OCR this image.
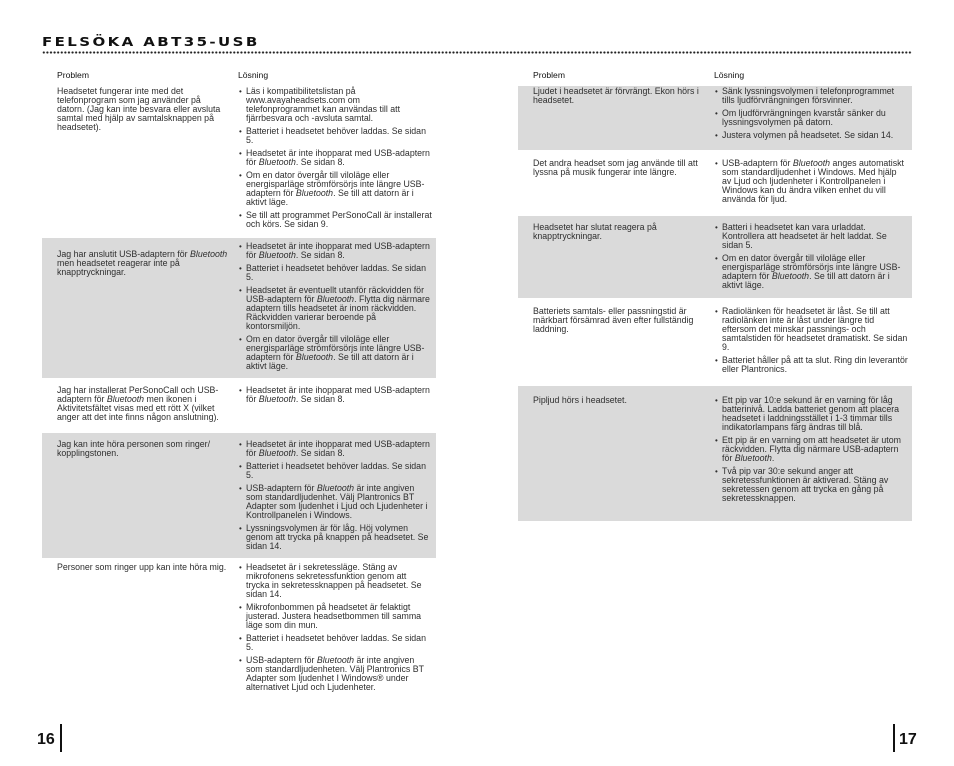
FELSÖKA ABT35-USB
Problem	Lösning
Headsetet fungerar inte med det telefonprogram som jag använder på datorn. (Jag kan inte besvara eller avsluta samtal med hjälp av samtalsknappen på headsetet).
• Läs i kompatibilitetslistan på www.avayaheadsets.com om telefonprogrammet kan användas till att fjärrbesvara och -avsluta samtal.
• Batteriet i headsetet behöver laddas. Se sidan 5.
• Headsetet är inte ihopparat med USB-adaptern för Bluetooth. Se sidan 8.
• Om en dator övergår till viloläge eller energisparläge strömförsörjs inte längre USB-adaptern för Bluetooth. Se till att datorn är i aktivt läge.
• Se till att programmet PerSonoCall är installerat och körs. Se sidan 9.
Jag har anslutit USB-adaptern för Bluetooth men headsetet reagerar inte på knapptryckningar.
• Headsetet är inte ihopparat med USB-adaptern för Bluetooth. Se sidan 8.
• Batteriet i headsetet behöver laddas. Se sidan 5.
• Headsetet är eventuellt utanför räckvidden för USB-adaptern för Bluetooth. Flytta dig närmare adaptern tills headsetet är inom räckvidden. Räckvidden varierar beroende på kontorsmiljön.
• Om en dator övergår till viloläge eller energisparläge strömförsörjs inte längre USB-adaptern för Bluetooth. Se till att datorn är i aktivt läge.
Jag har installerat PerSonoCall och USB-adaptern för Bluetooth men ikonen i Aktivitetsfältet visas med ett rött X (vilket anger att det inte finns någon anslutning).
• Headsetet är inte ihopparat med USB-adaptern för Bluetooth. Se sidan 8.
Jag kan inte höra personen som ringer/ kopplingstonen.
• Headsetet är inte ihopparat med USB-adaptern för Bluetooth. Se sidan 8.
• Batteriet i headsetet behöver laddas. Se sidan 5.
• USB-adaptern för Bluetooth är inte angiven som standardljudenhet. Välj Plantronics BT Adapter som ljudenhet i Ljud och Ljudenheter i Kontrollpanelen i Windows.
• Lyssningsvolymen är för låg. Höj volymen genom att trycka på knappen på headsetet. Se sidan 14.
Personer som ringer upp kan inte höra mig.	• Headsetet är i sekretessläge. Stäng av mikrofonens sekretessfunktion genom att trycka in sekretessknappen på headsetet. Se sidan 14.
• Mikrofonbommen på headsetet är felaktigt justerad. Justera headsetbommen till samma läge som din mun.
• Batteriet i headsetet behöver laddas. Se sidan 5.
• USB-adaptern för Bluetooth är inte angiven som standardljudenheten. Välj Plantronics BT Adapter som ljudenhet I Windows® under alternativet Ljud och Ljudenheter.
Problem	Lösning
Ljudet i headsetet är förvrängt. Ekon hörs i headsetet.
• Sänk lyssningsvolymen i telefonprogrammet tills ljudförvrängningen försvinner.
• Om ljudförvrängningen kvarstår sänker du lyssningsvolymen på datorn.
• Justera volymen på headsetet. Se sidan 14.
Det andra headset som jag använde till att lyssna på musik fungerar inte längre.
• USB-adaptern för Bluetooth anges automatiskt som standardljudenhet i Windows. Med hjälp av Ljud och ljudenheter i Kontrollpanelen i Windows kan du ändra vilken enhet du vill använda för ljud.
Headsetet har slutat reagera på knapptryckningar.
• Batteri i headsetet kan vara urladdat. Kontrollera att headsetet är helt laddat. Se sidan 5.
• Om en dator övergår till viloläge eller energisparläge strömförsörjs inte längre USB-adaptern för Bluetooth. Se till att datorn är i aktivt läge.
Batteriets samtals- eller passningstid är märkbart försämrad även efter fullständig laddning.
• Radiolänken för headsetet är låst. Se till att radiolänken inte är låst under längre tid eftersom det minskar passnings- och samtalstiden för headsetet dramatiskt. Se sidan 9.
• Batteriet håller på att ta slut. Ring din leverantör eller Plantronics.
Pipljud hörs i headsetet.	• Ett pip var 10:e sekund är en varning för låg batterinivå. Ladda batteriet genom att placera headsetet i laddningsstället i 1-3 timmar tills indikatorlampans färg ändras till blå.
• Ett pip är en varning om att headsetet är utom räckvidden. Flytta dig närmare USB-adaptern för Bluetooth.
• Två pip var 30:e sekund anger att sekretessfunktionen är aktiverad. Stäng av sekretessen genom att trycka en gång på sekretessknappen.
16	17
